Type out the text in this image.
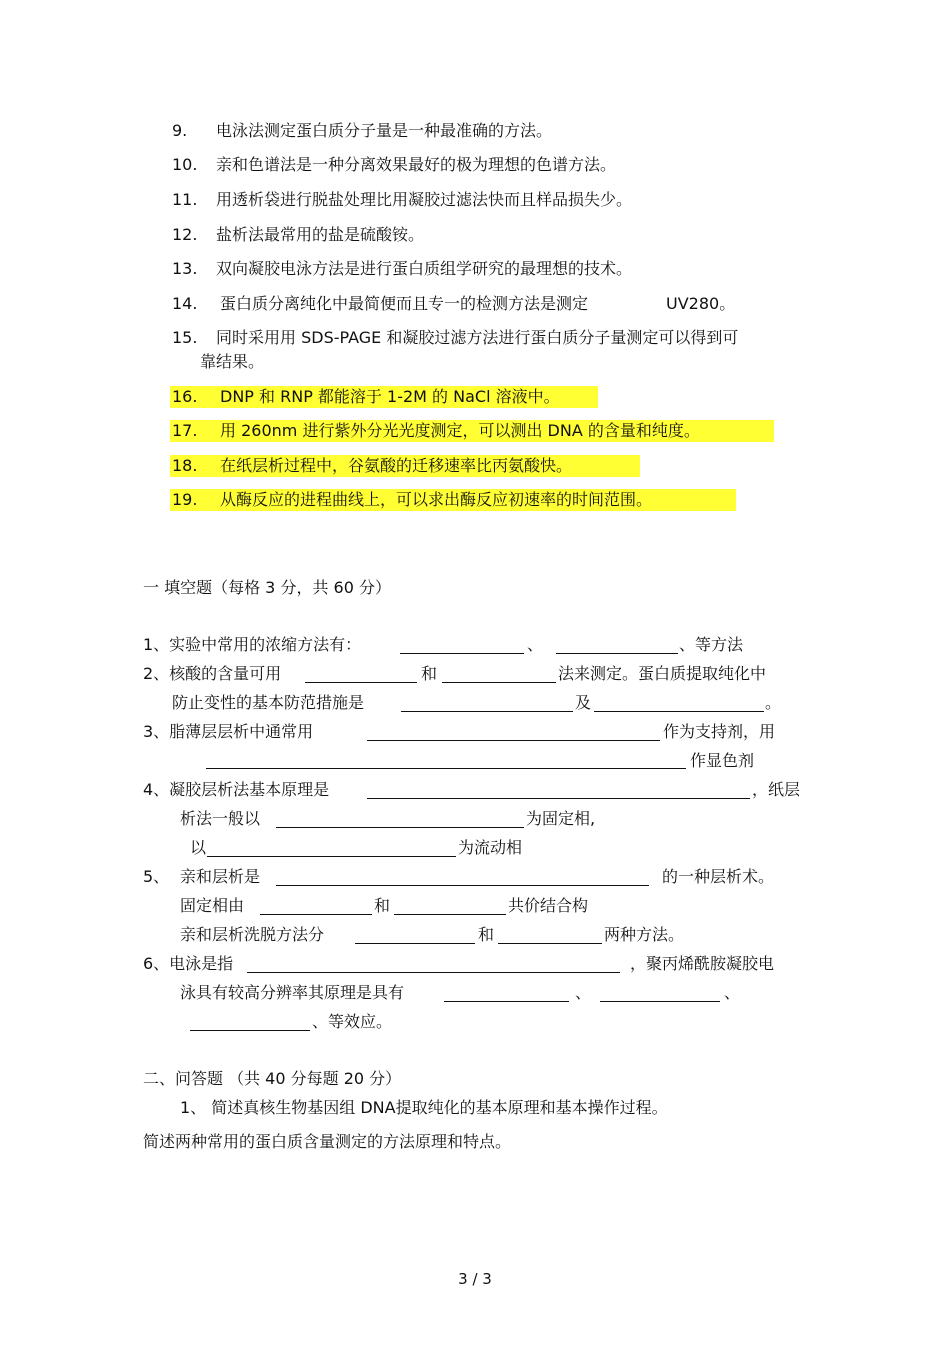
9. 电泳法测定蛋白质分子量是一种最准确的方法。
10. 亲和色谱法是一种分离效果最好的极为理想的色谱方法。
11. 用透析袋进行脱盐处理比用凝胶过滤法快而且样品损失少。
12. 盐析法最常用的盐是硫酸铵。
13. 双向凝胶电泳方法是进行蛋白质组学研究的最理想的技术。
14. 蛋白质分离纯化中最简便而且专一的检测方法是测定	UV280。
15. 同时采用用 SDS-PAGE 和凝胶过滤方法进行蛋白质分子量测定可以得到可
靠结果。
16. DNP 和 RNP 都能溶于 1-2M 的 NaCl 溶液中。
17. 用 260nm 进行紫外分光光度测定，可以测出 DNA 的含量和纯度。
18. 在纸层析过程中，谷氨酸的迁移速率比丙氨酸快。
19. 从酶反应的进程曲线上，可以求出酶反应初速率的时间范围。
一 填空题（每格 3 分，共 60 分）
1、实验中常用的浓缩方法有：	、	、等方法
2、核酸的含量可用	和	法来测定。蛋白质提取纯化中
防止变性的基本防范措施是	及	。
3、脂薄层层析中通常用	作为支持剂，用
作显色剂
4、凝胶层析法基本原理是	，纸层
析法一般以	为固定相,
以	为流动相
5、 亲和层析是	的一种层析术。
固定相由	和	共价结合构
亲和层析洗脱方法分	和	两种方法。
6、电泳是指	，聚丙烯酰胺凝胶电
泳具有较高分辨率其原理是具有	、	、
、等效应。
二、问答题 （共 40 分每题 20 分）
1、 简述真核生物基因组 DNA提取纯化的基本原理和基本操作过程。
简述两种常用的蛋白质含量测定的方法原理和特点。
3 / 3
